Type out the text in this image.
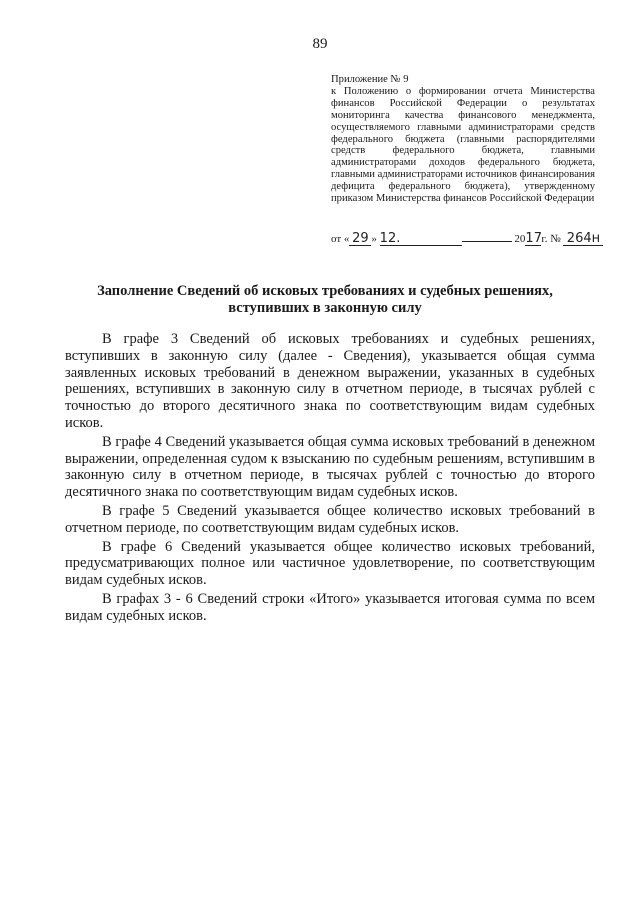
89
Приложение № 9
к Положению о формировании отчета Министерства финансов Российской Федерации о результатах мониторинга качества финансового менеджмента, осуществляемого главными администраторами средств федерального бюджета (главными распорядителями средств федерального бюджета, главными администраторами доходов федерального бюджета, главными администраторами источников финансирования дефицита федерального бюджета), утвержденному приказом Министерства финансов Российской Федерации
от « 29 » 12.	2017г. № 264н
Заполнение Сведений об исковых требованиях и судебных решениях,
вступивших в законную силу

В графе 3 Сведений об исковых требованиях и судебных решениях, вступивших в законную силу (далее - Сведения), указывается общая сумма заявленных исковых требований в денежном выражении, указанных в судебных решениях, вступивших в законную силу в отчетном периоде, в тысячах рублей с точностью до второго десятичного знака по соответствующим видам судебных исков.

В графе 4 Сведений указывается общая сумма исковых требований в денежном выражении, определенная судом к взысканию по судебным решениям, вступившим в законную силу в отчетном периоде, в тысячах рублей с точностью до второго десятичного знака по соответствующим видам судебных исков.

В графе 5 Сведений указывается общее количество исковых требований в отчетном периоде, по соответствующим видам судебных исков.

В графе 6 Сведений указывается общее количество исковых требований, предусматривающих полное или частичное удовлетворение, по соответствующим видам судебных исков.

В графах 3 - 6 Сведений строки «Итого» указывается итоговая сумма по всем видам судебных исков.
